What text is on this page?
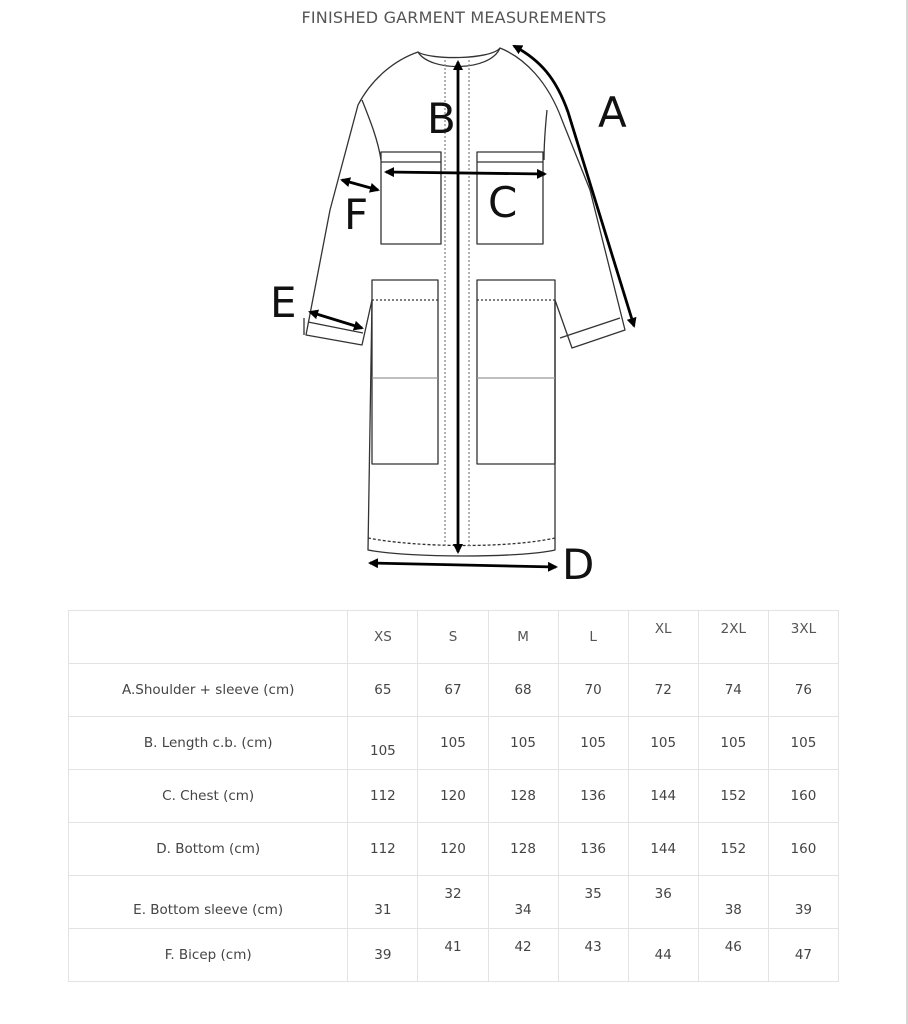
FINISHED GARMENT MEASUREMENTS
A
B
C
D
E
F
	XS	S	M	L	XL	2XL	3XL
A.Shoulder + sleeve (cm)	65	67	68	70	72	74	76
B. Length c.b. (cm)	105	105	105	105	105	105	105
C. Chest (cm)	112	120	128	136	144	152	160
D. Bottom (cm)	112	120	128	136	144	152	160
E. Bottom sleeve (cm)	31	32	34	35	36	38	39
F. Bicep (cm)	39	41	42	43	44	46	47
